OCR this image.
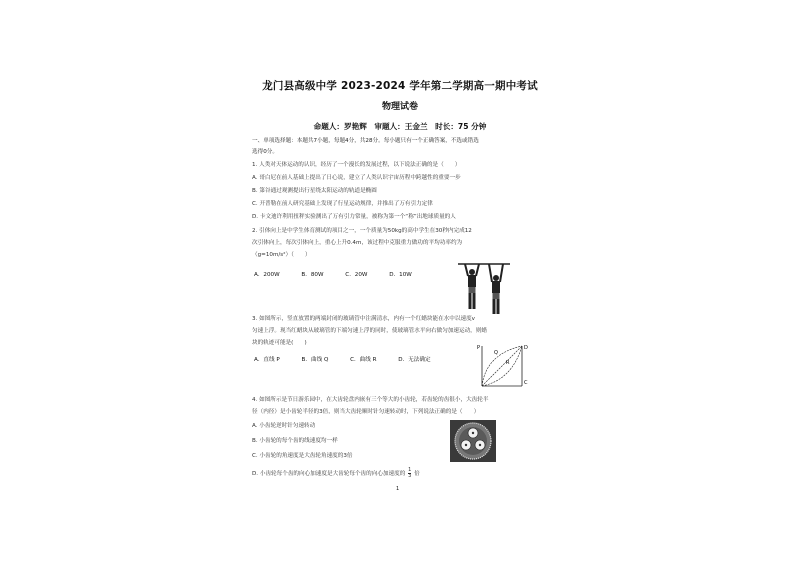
龙门县高级中学 2023-2024 学年第二学期高一期中考试
物理试卷
命题人：罗艳辉　审题人：王金兰　时长：75 分钟
一、单项选择题：本题共7小题，每题4分，共28分。每小题只有一个正确答案，不选或错选
选得0分。
1. 人类对天体运动的认识，经历了一个漫长的发展过程，以下说法正确的是（　　）
A. 哥白尼在前人基础上提出了日心说，建立了人类认识宇宙历程中跨越性的重要一步
B. 第谷通过观测提出行星绕太阳运动的轨道是椭圆
C. 开普勒在前人研究基础上发现了行星运动规律，并推出了万有引力定律
D. 卡文迪许利用扭秤实验测出了万有引力常量，被称为第一个“称”出地球质量的人
2. 引体向上是中学生体育测试的项目之一，一个质量为50kg的高中学生在30秒内完成12
次引体向上，每次引体向上，重心上升0.4m，该过程中克服重力做功的平均功率约为
（g=10m/s²）（　　）
A．200W	B．80W	C．20W	D．10W
3. 如图所示，竖直放置的两端封闭的玻璃管中注满清水，内有一个红蜡块能在水中以速度v
匀速上浮。现当红蜡块从玻璃管的下端匀速上浮的同时，使玻璃管水平向右做匀加速运动，则蜡
块的轨迹可能是(　　)
A．直线 P	B．曲线 Q	C．曲线 R	D．无法确定
P
Q
R
C
D
4. 如图所示是节日游乐园中，在大齿轮盘内嵌有三个等大的小齿轮，若齿轮的齿很小，大齿轮半
径（内径）是小齿轮半径的3倍，则当大齿轮顺时针匀速转动时，下列说法正确的是（　　）
A. 小齿轮逆时针匀速转动
B. 小齿轮的每个齿的线速度均一样
C. 小齿轮的角速度是大齿轮角速度的3倍
D. 小齿轮每个齿的向心加速度是大齿轮每个齿的向心加速度的 $\frac{1}{3}$ 倍
1
